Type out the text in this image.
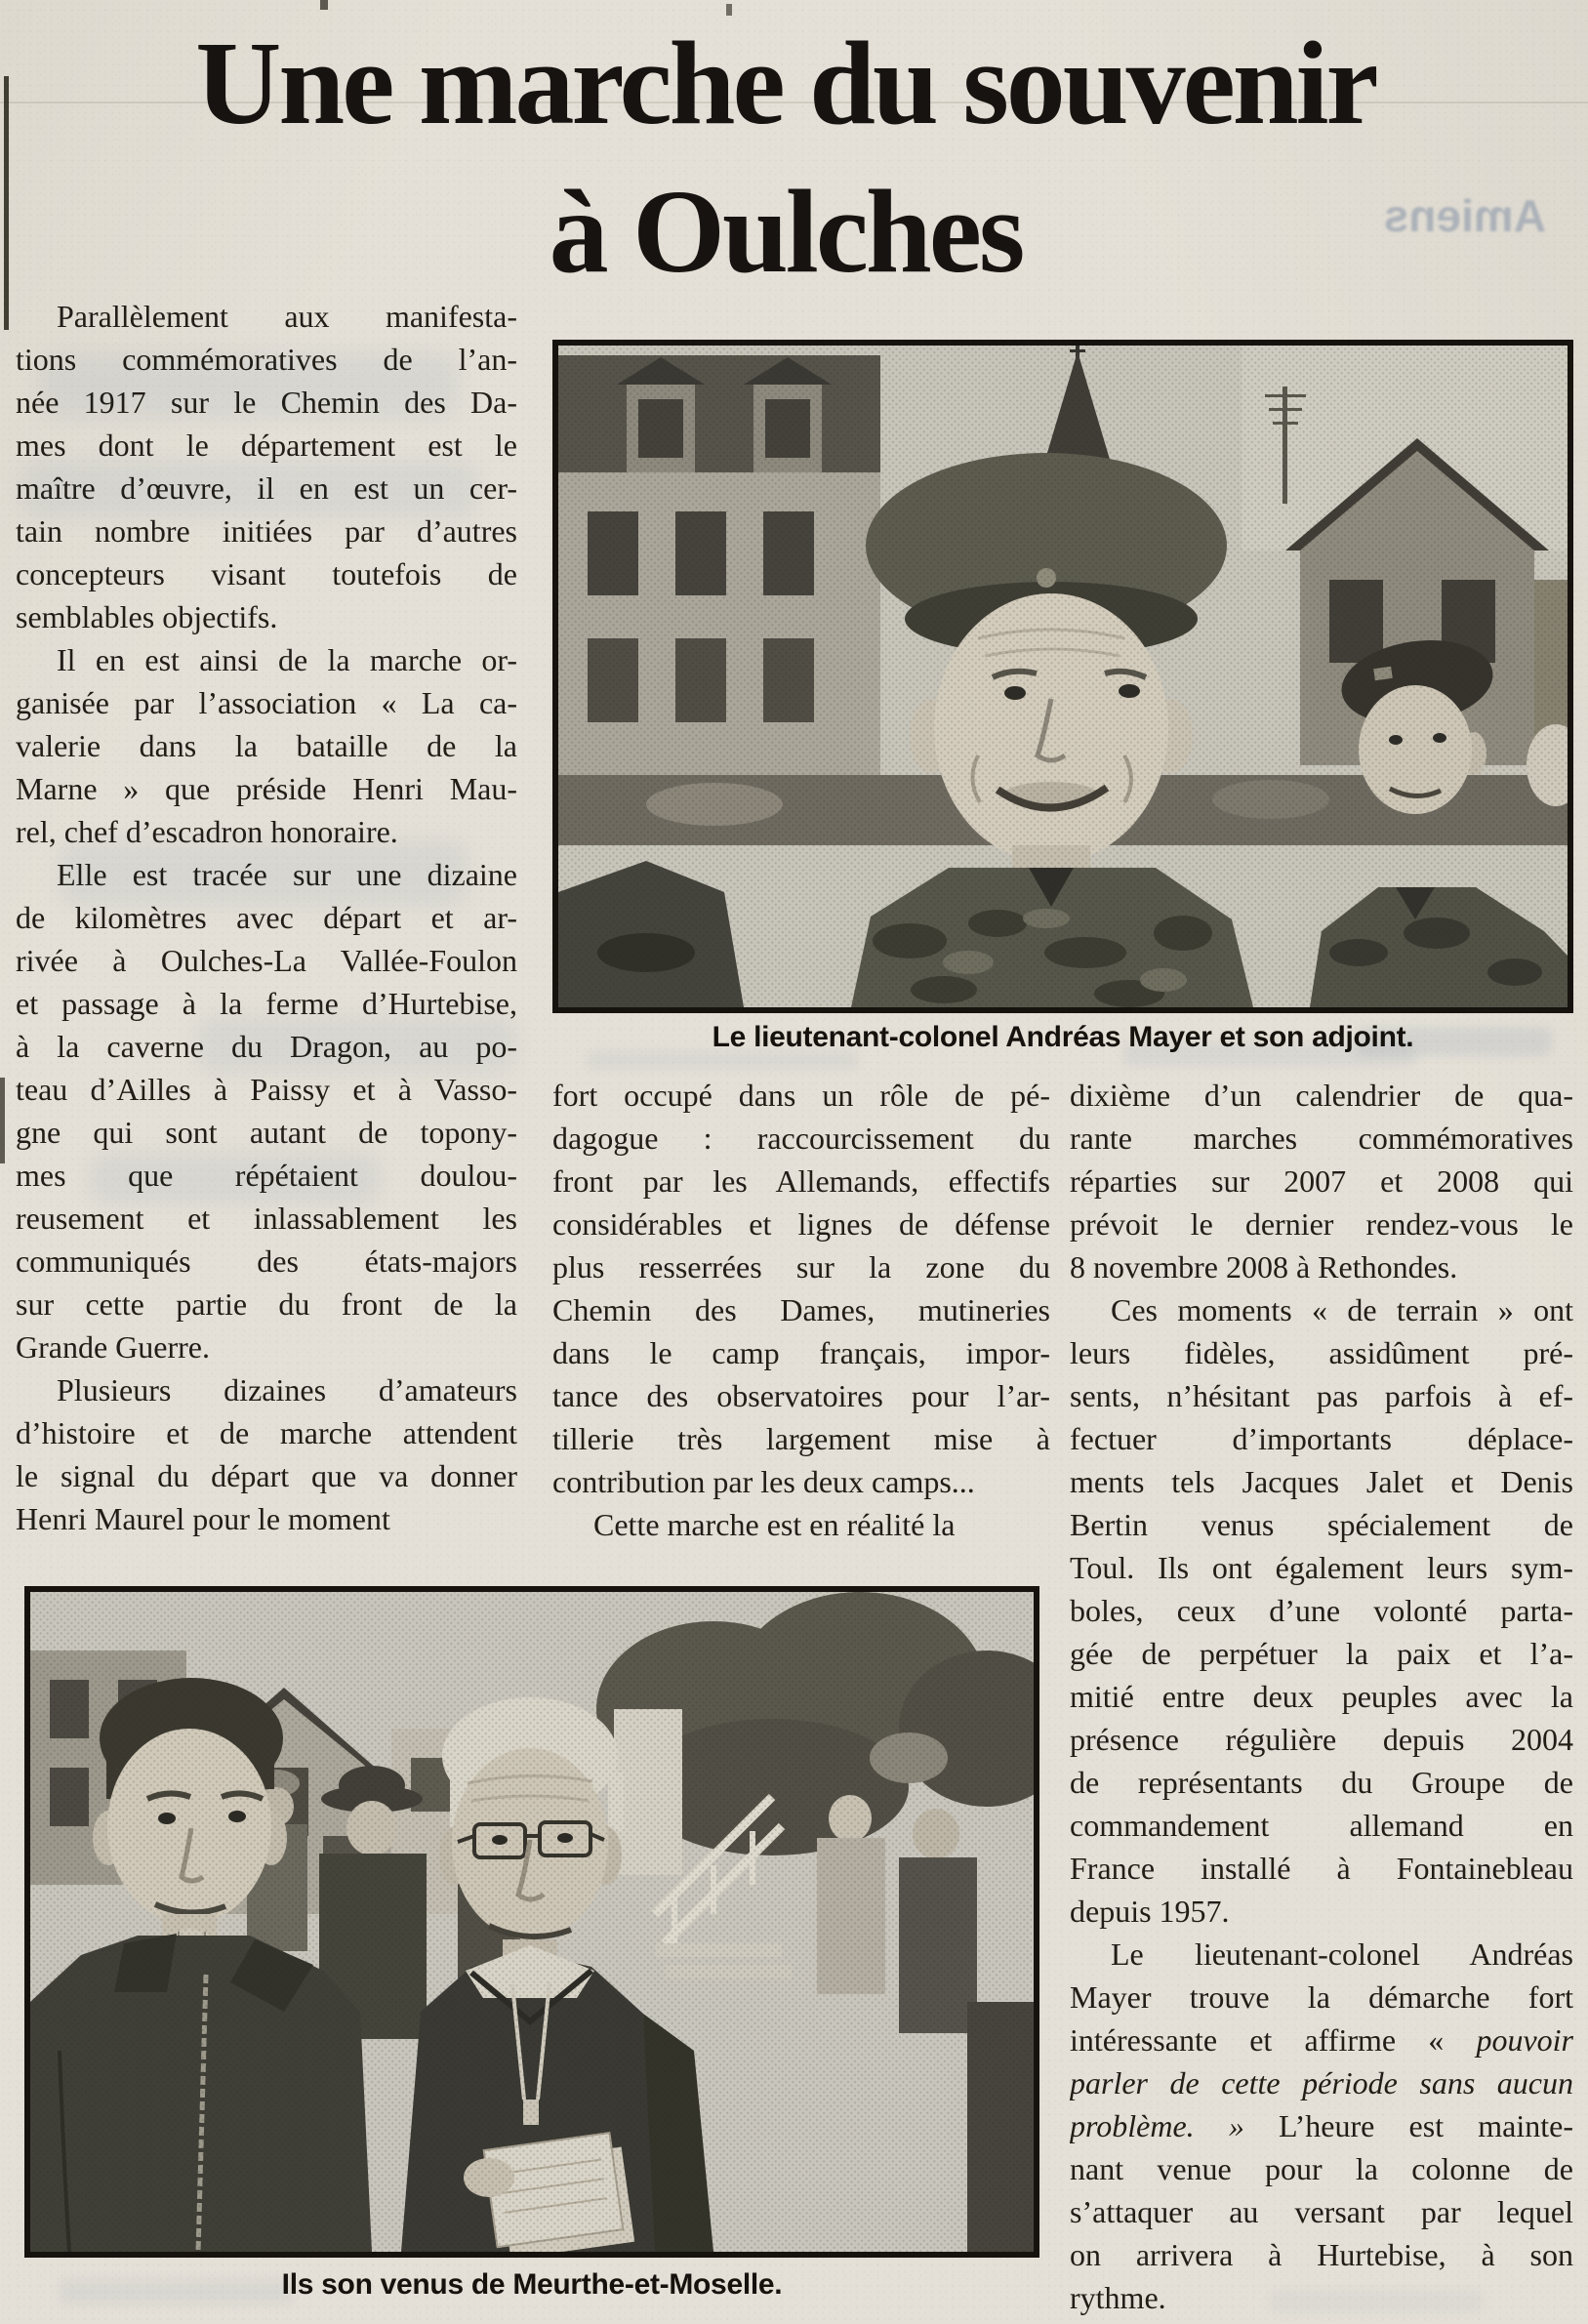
Amiens
Une marche du souvenir
à Oulches
Le lieutenant-colonel Andréas Mayer et son adjoint.
Ils son venus de Meurthe-et-Moselle.
Parallèlement aux manifesta-
tions commémoratives de l’an-
née 1917 sur le Chemin des Da-
mes dont le département est le
maître d’œuvre, il en est un cer-
tain nombre initiées par d’autres
concepteurs visant toutefois de
semblables objectifs.
Il en est ainsi de la marche or-
ganisée par l’association « La ca-
valerie dans la bataille de la
Marne » que préside Henri Mau-
rel, chef d’escadron honoraire.
Elle est tracée sur une dizaine
de kilomètres avec départ et ar-
rivée à Oulches-La Vallée-Foulon
et passage à la ferme d’Hurtebise,
à la caverne du Dragon, au po-
teau d’Ailles à Paissy et à Vasso-
gne qui sont autant de topony-
mes que répétaient doulou-
reusement et inlassablement les
communiqués des états-majors
sur cette partie du front de la
Grande Guerre.
Plusieurs dizaines d’amateurs
d’histoire et de marche attendent
le signal du départ que va donner
Henri Maurel pour le moment
fort occupé dans un rôle de pé-
dagogue : raccourcissement du
front par les Allemands, effectifs
considérables et lignes de défense
plus resserrées sur la zone du
Chemin des Dames, mutineries
dans le camp français, impor-
tance des observatoires pour l’ar-
tillerie très largement mise à
contribution par les deux camps...
Cette marche est en réalité la
dixième d’un calendrier de qua-
rante marches commémoratives
réparties sur 2007 et 2008 qui
prévoit le dernier rendez-vous le
8 novembre 2008 à Rethondes.
Ces moments « de terrain » ont
leurs fidèles, assidûment pré-
sents, n’hésitant pas parfois à ef-
fectuer d’importants déplace-
ments tels Jacques Jalet et Denis
Bertin venus spécialement de
Toul. Ils ont également leurs sym-
boles, ceux d’une volonté parta-
gée de perpétuer la paix et l’a-
mitié entre deux peuples avec la
présence régulière depuis 2004
de représentants du Groupe de
commandement allemand en
France installé à Fontainebleau
depuis 1957.
Le lieutenant-colonel Andréas
Mayer trouve la démarche fort
intéressante et affirme « pouvoir
parler de cette période sans aucun
problème. » L’heure est mainte-
nant venue pour la colonne de
s’attaquer au versant par lequel
on arrivera à Hurtebise, à son
rythme.
